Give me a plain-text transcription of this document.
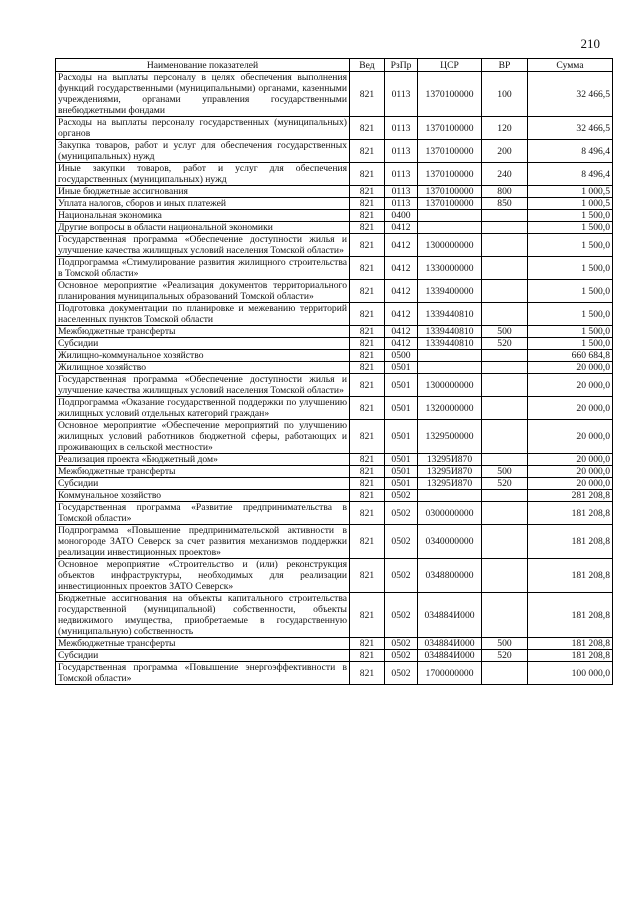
210
Наименование показателей	Вед	РзПр	ЦСР	ВР	Сумма
Расходы на выплаты персоналу в целях обеспечения выполнения функций государственными (муниципальными) органами, казенными учреждениями, органами управления государственными внебюджетными фондами	821	0113	1370100000	100	32 466,5
Расходы на выплаты персоналу государственных (муниципальных) органов	821	0113	1370100000	120	32 466,5
Закупка товаров, работ и услуг для обеспечения государственных (муниципальных) нужд	821	0113	1370100000	200	8 496,4
Иные закупки товаров, работ и услуг для обеспечения государственных (муниципальных) нужд	821	0113	1370100000	240	8 496,4
Иные бюджетные ассигнования	821	0113	1370100000	800	1 000,5
Уплата налогов, сборов и иных платежей	821	0113	1370100000	850	1 000,5
Национальная экономика	821	0400			1 500,0
Другие вопросы в области национальной экономики	821	0412			1 500,0
Государственная программа «Обеспечение доступности жилья и улучшение качества жилищных условий населения Томской области»	821	0412	1300000000		1 500,0
Подпрограмма «Стимулирование развития жилищного строительства в Томской области»	821	0412	1330000000		1 500,0
Основное мероприятие «Реализация документов территориального планирования муниципальных образований Томской области»	821	0412	1339400000		1 500,0
Подготовка документации по планировке и межеванию территорий населенных пунктов Томской области	821	0412	1339440810		1 500,0
Межбюджетные трансферты	821	0412	1339440810	500	1 500,0
Субсидии	821	0412	1339440810	520	1 500,0
Жилищно-коммунальное хозяйство	821	0500			660 684,8
Жилищное хозяйство	821	0501			20 000,0
Государственная программа «Обеспечение доступности жилья и улучшение качества жилищных условий населения Томской области»	821	0501	1300000000		20 000,0
Подпрограмма «Оказание государственной поддержки по улучшению жилищных условий отдельных категорий граждан»	821	0501	1320000000		20 000,0
Основное мероприятие «Обеспечение мероприятий по улучшению жилищных условий работников бюджетной сферы, работающих и проживающих в сельской местности»	821	0501	1329500000		20 000,0
Реализация проекта «Бюджетный дом»	821	0501	13295И870		20 000,0
Межбюджетные трансферты	821	0501	13295И870	500	20 000,0
Субсидии	821	0501	13295И870	520	20 000,0
Коммунальное хозяйство	821	0502			281 208,8
Государственная программа «Развитие предпринимательства в Томской области»	821	0502	0300000000		181 208,8
Подпрограмма «Повышение предпринимательской активности в моногороде ЗАТО Северск за счет развития механизмов поддержки реализации инвестиционных проектов»	821	0502	0340000000		181 208,8
Основное мероприятие «Строительство и (или) реконструкция объектов инфраструктуры, необходимых для реализации инвестиционных проектов ЗАТО Северск»	821	0502	0348800000		181 208,8
Бюджетные ассигнования на объекты капитального строительства государственной (муниципальной) собственности, объекты недвижимого имущества, приобретаемые в государственную (муниципальную) собственность	821	0502	034884И000		181 208,8
Межбюджетные трансферты	821	0502	034884И000	500	181 208,8
Субсидии	821	0502	034884И000	520	181 208,8
Государственная программа «Повышение энергоэффективности в Томской области»	821	0502	1700000000		100 000,0
